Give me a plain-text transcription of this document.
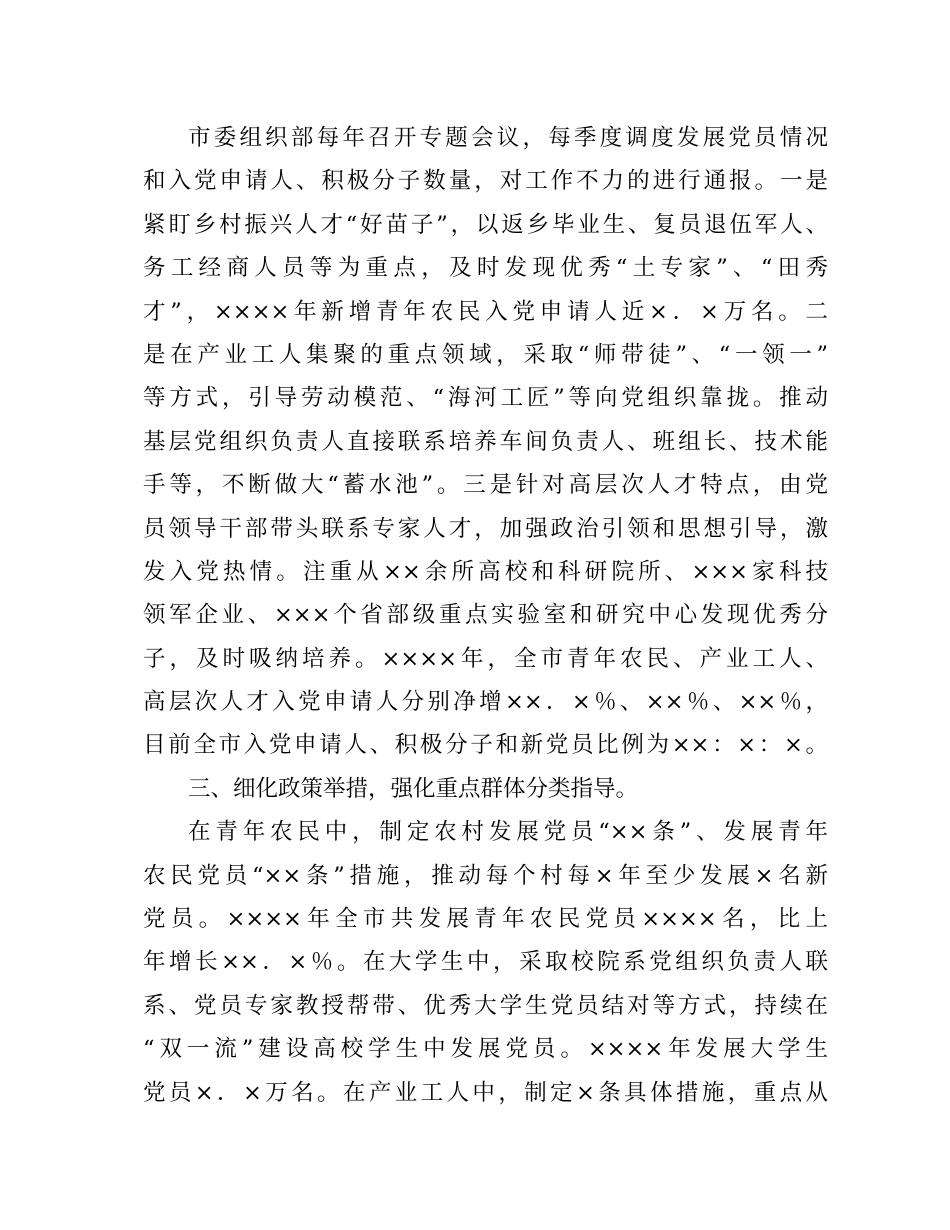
市委组织部每年召开专题会议，每季度调度发展党员情况
和入党申请人、积极分子数量，对工作不力的进行通报。一是
紧盯乡村振兴人才“好苗子”，以返乡毕业生、复员退伍军人、
务工经商人员等为重点，及时发现优秀“土专家”、“田秀
才”，××××年新增青年农民入党申请人近×．×万名。二
是在产业工人集聚的重点领域，采取“师带徒”、“一领一”
等方式，引导劳动模范、“海河工匠”等向党组织靠拢。推动
基层党组织负责人直接联系培养车间负责人、班组长、技术能
手等，不断做大“蓄水池”。三是针对高层次人才特点，由党
员领导干部带头联系专家人才，加强政治引领和思想引导，激
发入党热情。注重从××余所高校和科研院所、×××家科技
领军企业、×××个省部级重点实验室和研究中心发现优秀分
子，及时吸纳培养。××××年，全市青年农民、产业工人、
高层次人才入党申请人分别净增××．×％、××％、××％，
目前全市入党申请人、积极分子和新党员比例为××：×：×。
三、细化政策举措，强化重点群体分类指导。
在青年农民中，制定农村发展党员“××条”、发展青年
农民党员“××条”措施，推动每个村每×年至少发展×名新
党员。××××年全市共发展青年农民党员××××名，比上
年增长××．×％。在大学生中，采取校院系党组织负责人联
系、党员专家教授帮带、优秀大学生党员结对等方式，持续在
“双一流”建设高校学生中发展党员。××××年发展大学生
党员×．×万名。在产业工人中，制定×条具体措施，重点从
